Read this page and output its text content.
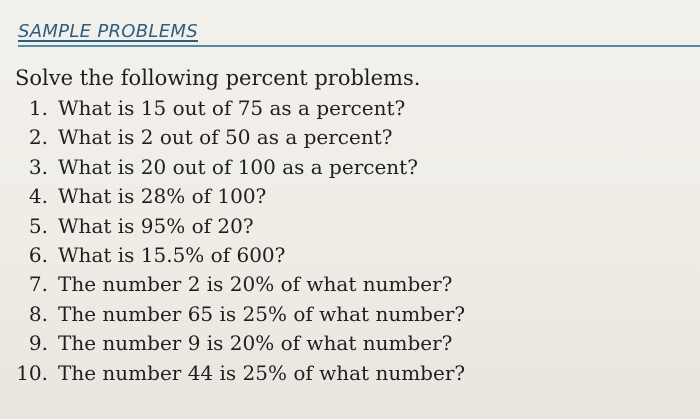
SAMPLE PROBLEMS
Solve the following percent problems.
1. What is 15 out of 75 as a percent?
2. What is 2 out of 50 as a percent?
3. What is 20 out of 100 as a percent?
4. What is 28% of 100?
5. What is 95% of 20?
6. What is 15.5% of 600?
7. The number 2 is 20% of what number?
8. The number 65 is 25% of what number?
9. The number 9 is 20% of what number?
10. The number 44 is 25% of what number?
